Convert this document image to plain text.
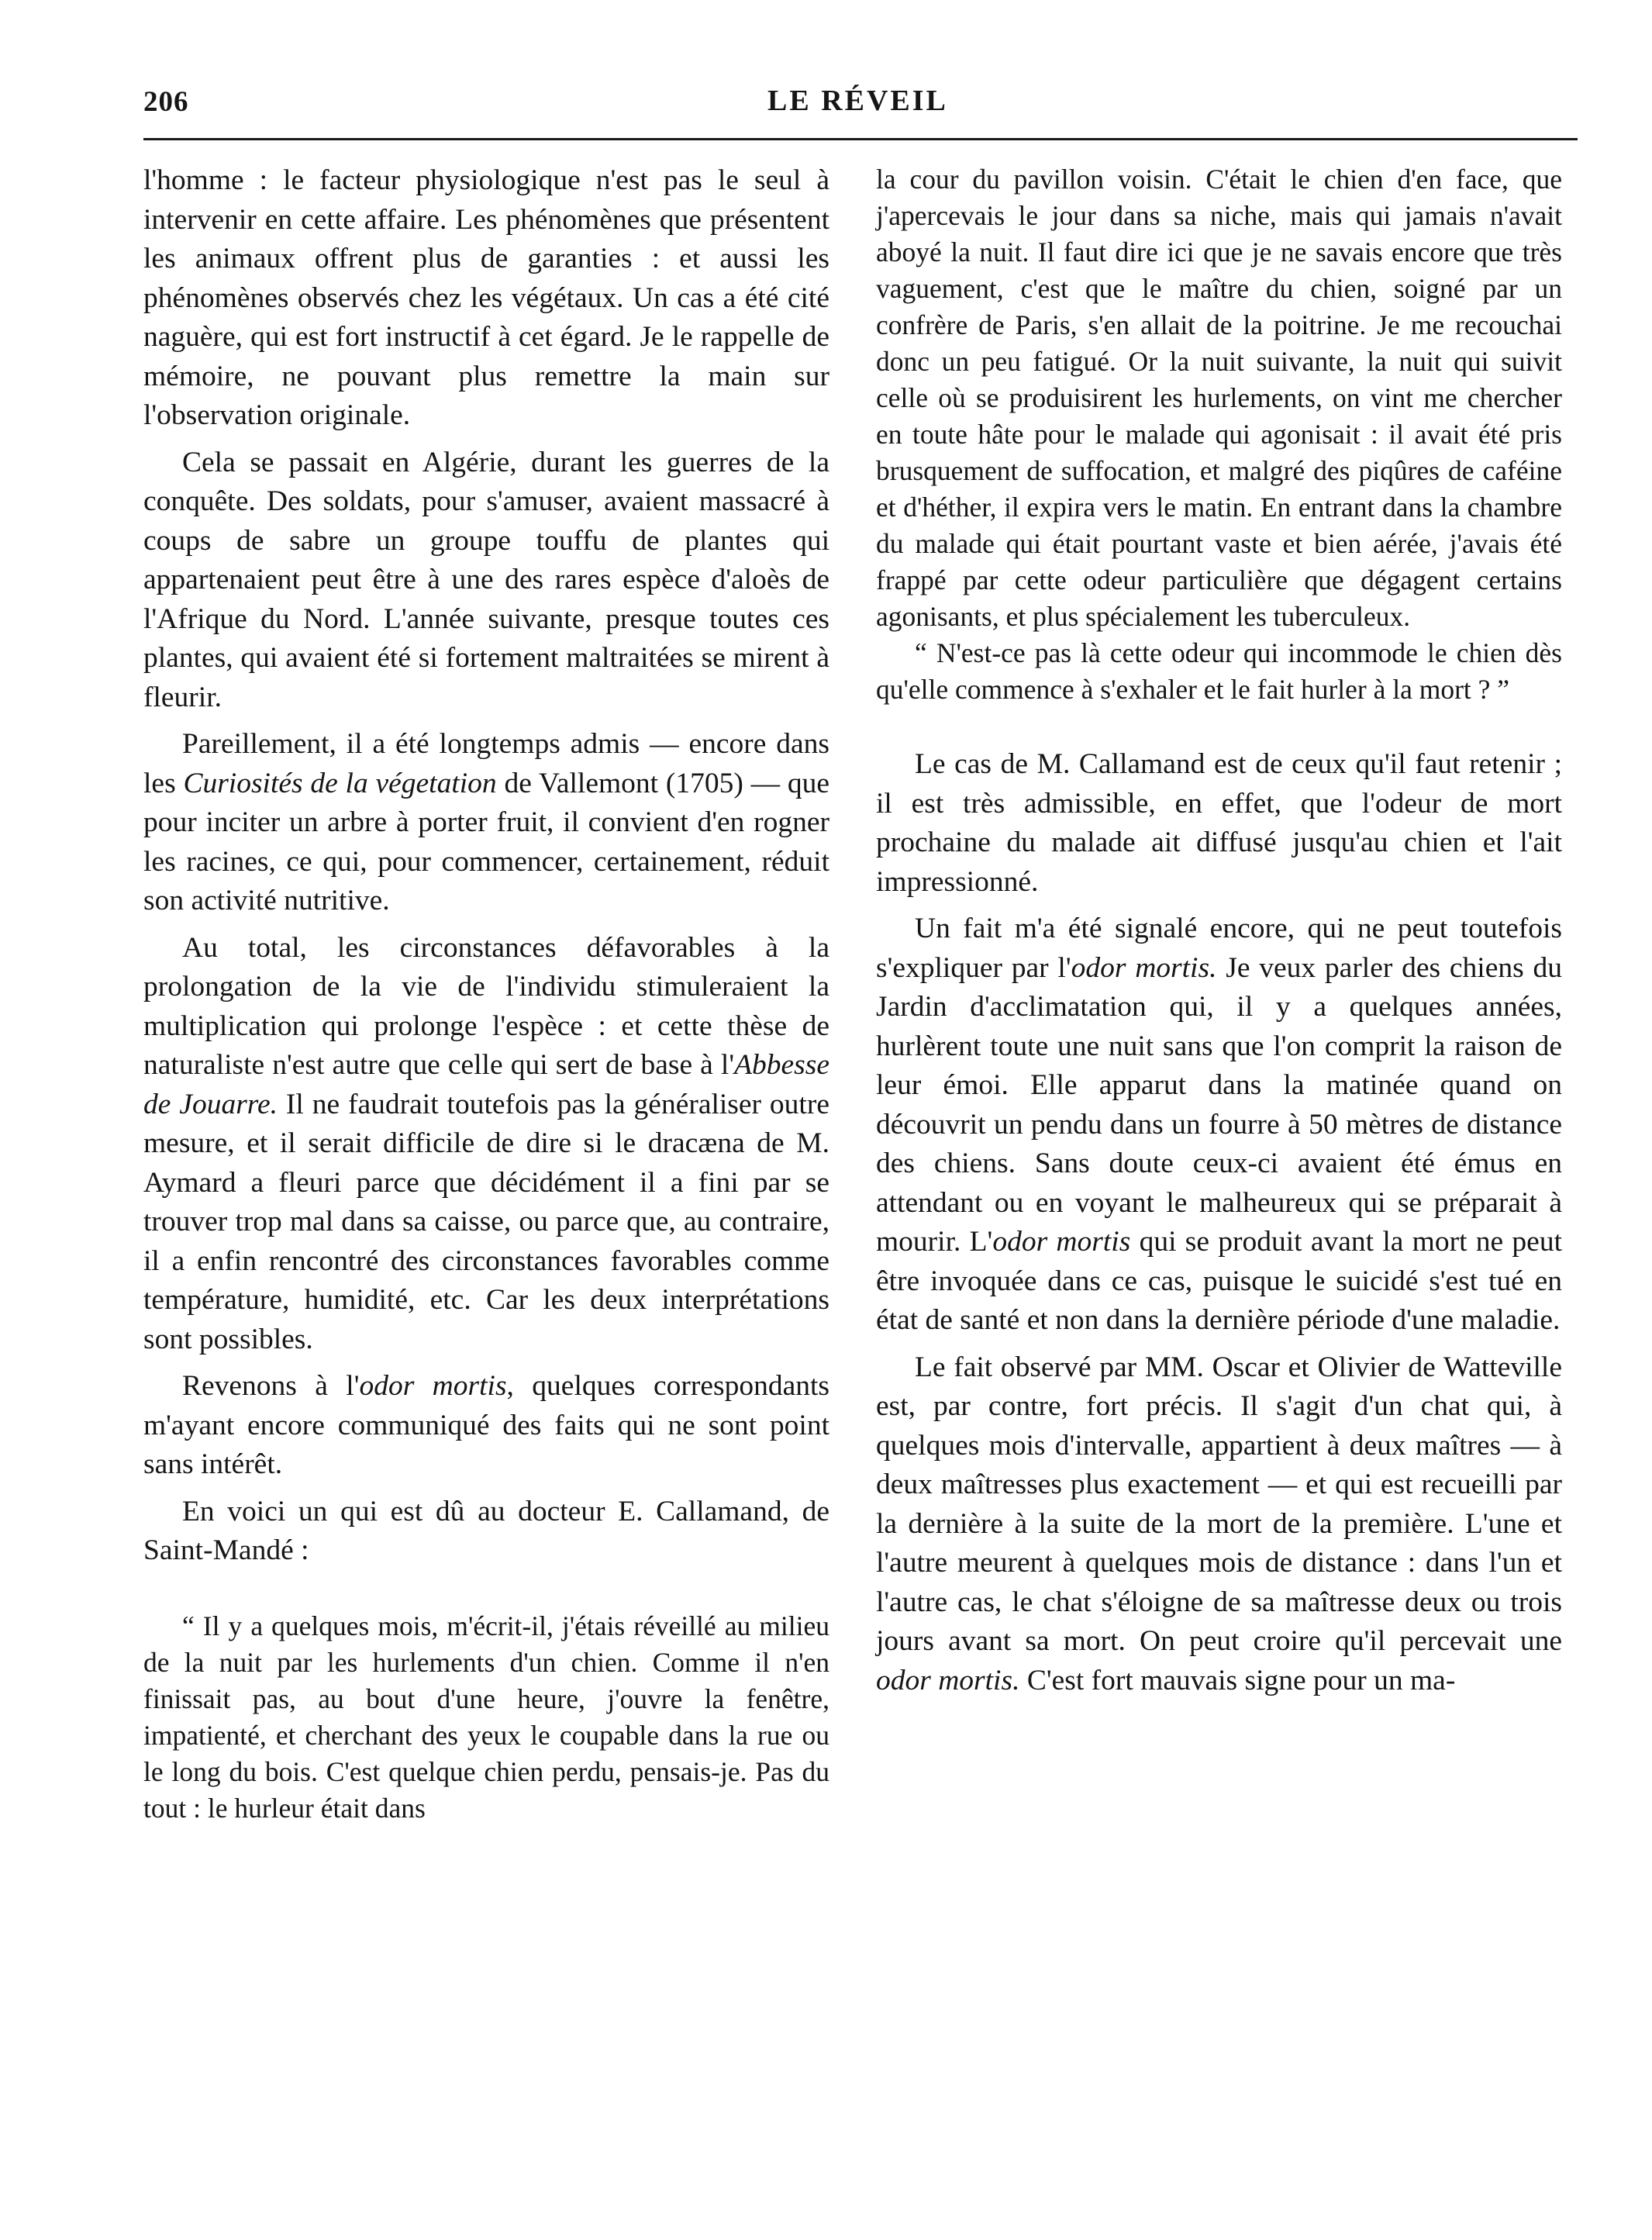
206	LE RÉVEIL

l'homme : le facteur physiologique n'est pas le seul à intervenir en cette affaire. Les phénomènes que présentent les animaux offrent plus de garanties : et aussi les phénomènes observés chez les végétaux. Un cas a été cité naguère, qui est fort instructif à cet égard. Je le rappelle de mémoire, ne pouvant plus remettre la main sur l'observation originale.

Cela se passait en Algérie, durant les guerres de la conquête. Des soldats, pour s'amuser, avaient massacré à coups de sabre un groupe touffu de plantes qui appartenaient peut être à une des rares espèce d'aloès de l'Afrique du Nord. L'année suivante, presque toutes ces plantes, qui avaient été si fortement maltraitées se mirent à fleurir.

Pareillement, il a été longtemps admis — encore dans les Curiosités de la végetation de Vallemont (1705) — que pour inciter un arbre à porter fruit, il convient d'en rogner les racines, ce qui, pour commencer, certainement, réduit son activité nutritive.

Au total, les circonstances défavorables à la prolongation de la vie de l'individu stimuleraient la multiplication qui prolonge l'espèce : et cette thèse de naturaliste n'est autre que celle qui sert de base à l'Abbesse de Jouarre. Il ne faudrait toutefois pas la généraliser outre mesure, et il serait difficile de dire si le dracæna de M. Aymard a fleuri parce que décidément il a fini par se trouver trop mal dans sa caisse, ou parce que, au contraire, il a enfin rencontré des circonstances favorables comme température, humidité, etc. Car les deux interprétations sont possibles.

Revenons à l'odor mortis, quelques correspondants m'ayant encore communiqué des faits qui ne sont point sans intérêt.

En voici un qui est dû au docteur E. Callamand, de Saint-Mandé :

“ Il y a quelques mois, m'écrit-il, j'étais réveillé au milieu de la nuit par les hurlements d'un chien. Comme il n'en finissait pas, au bout d'une heure, j'ouvre la fenêtre, impatienté, et cherchant des yeux le coupable dans la rue ou le long du bois. C'est quelque chien perdu, pensais-je. Pas du tout : le hurleur était dans

la cour du pavillon voisin. C'était le chien d'en face, que j'apercevais le jour dans sa niche, mais qui jamais n'avait aboyé la nuit. Il faut dire ici que je ne savais encore que très vaguement, c'est que le maître du chien, soigné par un confrère de Paris, s'en allait de la poitrine. Je me recouchai donc un peu fatigué. Or la nuit suivante, la nuit qui suivit celle où se produisirent les hurlements, on vint me chercher en toute hâte pour le malade qui agonisait : il avait été pris brusquement de suffocation, et malgré des piqûres de caféine et d'héther, il expira vers le matin. En entrant dans la chambre du malade qui était pourtant vaste et bien aérée, j'avais été frappé par cette odeur particulière que dégagent certains agonisants, et plus spécialement les tuberculeux.

“ N'est-ce pas là cette odeur qui incommode le chien dès qu'elle commence à s'exhaler et le fait hurler à la mort ? ”

Le cas de M. Callamand est de ceux qu'il faut retenir ; il est très admissible, en effet, que l'odeur de mort prochaine du malade ait diffusé jusqu'au chien et l'ait impressionné.

Un fait m'a été signalé encore, qui ne peut toutefois s'expliquer par l'odor mortis. Je veux parler des chiens du Jardin d'acclimatation qui, il y a quelques années, hurlèrent toute une nuit sans que l'on comprit la raison de leur émoi. Elle apparut dans la matinée quand on découvrit un pendu dans un fourre à 50 mètres de distance des chiens. Sans doute ceux-ci avaient été émus en attendant ou en voyant le malheureux qui se préparait à mourir. L'odor mortis qui se produit avant la mort ne peut être invoquée dans ce cas, puisque le suicidé s'est tué en état de santé et non dans la dernière période d'une maladie.

Le fait observé par MM. Oscar et Olivier de Watteville est, par contre, fort précis. Il s'agit d'un chat qui, à quelques mois d'intervalle, appartient à deux maîtres — à deux maîtresses plus exactement — et qui est recueilli par la dernière à la suite de la mort de la première. L'une et l'autre meurent à quelques mois de distance : dans l'un et l'autre cas, le chat s'éloigne de sa maîtresse deux ou trois jours avant sa mort. On peut croire qu'il percevait une odor mortis. C'est fort mauvais signe pour un ma-
